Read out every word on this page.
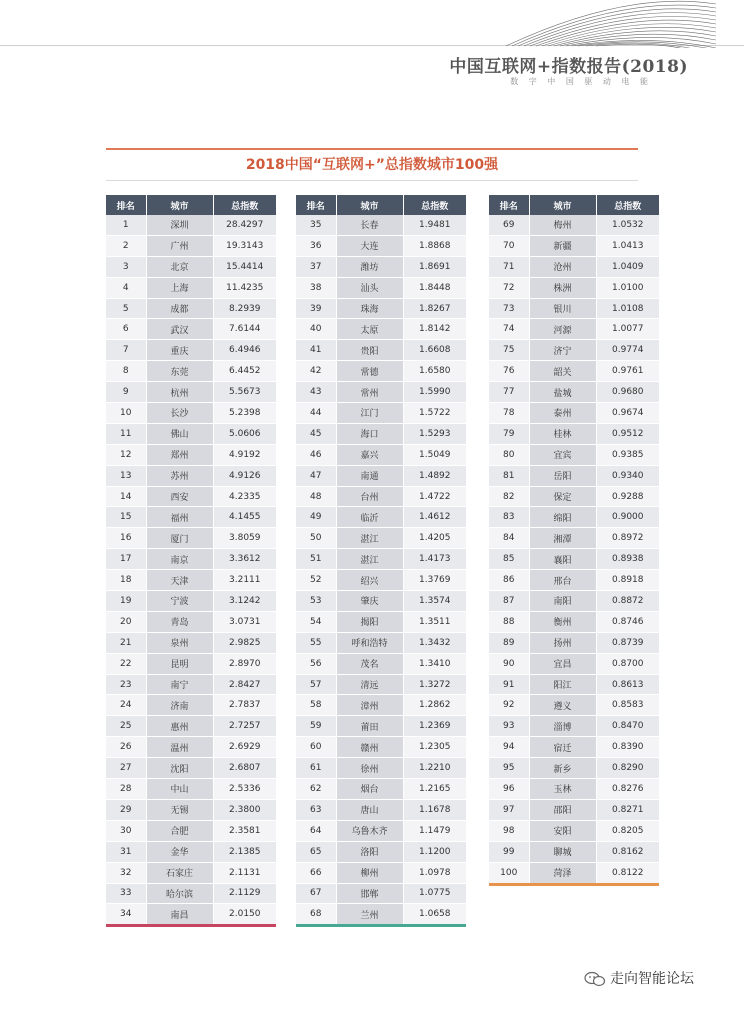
中国互联网+指数报告(2018)
数 字 中 国 驱 动 电 能
2018中国“互联网+”总指数城市100强
排名	城市	总指数
1	深圳	28.4297
2	广州	19.3143
3	北京	15.4414
4	上海	11.4235
5	成都	8.2939
6	武汉	7.6144
7	重庆	6.4946
8	东莞	6.4452
9	杭州	5.5673
10	长沙	5.2398
11	佛山	5.0606
12	郑州	4.9192
13	苏州	4.9126
14	西安	4.2335
15	福州	4.1455
16	厦门	3.8059
17	南京	3.3612
18	天津	3.2111
19	宁波	3.1242
20	青岛	3.0731
21	泉州	2.9825
22	昆明	2.8970
23	南宁	2.8427
24	济南	2.7837
25	惠州	2.7257
26	温州	2.6929
27	沈阳	2.6807
28	中山	2.5336
29	无锡	2.3800
30	合肥	2.3581
31	金华	2.1385
32	石家庄	2.1131
33	哈尔滨	2.1129
34	南昌	2.0150
排名	城市	总指数
35	长春	1.9481
36	大连	1.8868
37	潍坊	1.8691
38	汕头	1.8448
39	珠海	1.8267
40	太原	1.8142
41	贵阳	1.6608
42	常德	1.6580
43	常州	1.5990
44	江门	1.5722
45	海口	1.5293
46	嘉兴	1.5049
47	南通	1.4892
48	台州	1.4722
49	临沂	1.4612
50	湛江	1.4205
51	湛江	1.4173
52	绍兴	1.3769
53	肇庆	1.3574
54	揭阳	1.3511
55	呼和浩特	1.3432
56	茂名	1.3410
57	清远	1.3272
58	漳州	1.2862
59	莆田	1.2369
60	赣州	1.2305
61	徐州	1.2210
62	烟台	1.2165
63	唐山	1.1678
64	乌鲁木齐	1.1479
65	洛阳	1.1200
66	柳州	1.0978
67	邯郸	1.0775
68	兰州	1.0658
排名	城市	总指数
69	梅州	1.0532
70	新疆	1.0413
71	沧州	1.0409
72	株洲	1.0100
73	银川	1.0108
74	河源	1.0077
75	济宁	0.9774
76	韶关	0.9761
77	盐城	0.9680
78	泰州	0.9674
79	桂林	0.9512
80	宜宾	0.9385
81	岳阳	0.9340
82	保定	0.9288
83	绵阳	0.9000
84	湘潭	0.8972
85	襄阳	0.8938
86	邢台	0.8918
87	南阳	0.8872
88	衡州	0.8746
89	扬州	0.8739
90	宜昌	0.8700
91	阳江	0.8613
92	遵义	0.8583
93	淄博	0.8470
94	宿迁	0.8390
95	新乡	0.8290
96	玉林	0.8276
97	邵阳	0.8271
98	安阳	0.8205
99	聊城	0.8162
100	菏泽	0.8122
走向智能论坛
